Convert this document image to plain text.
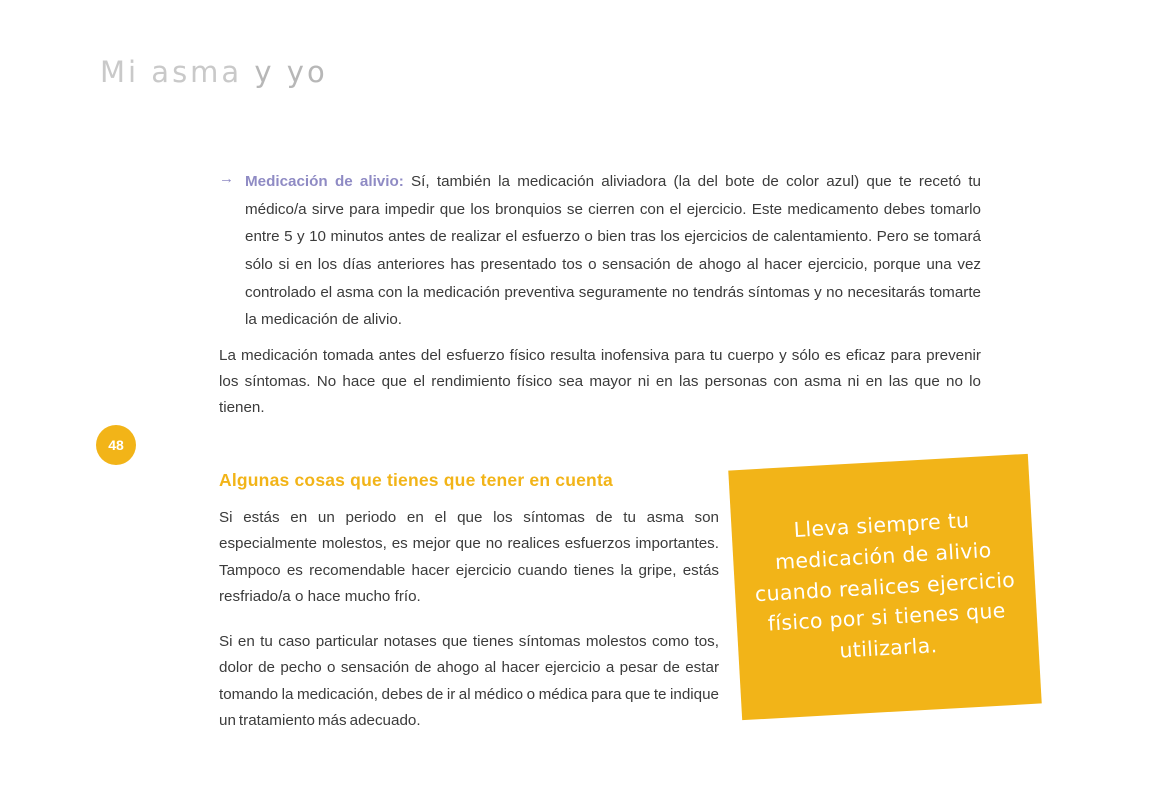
Mi asma y yo
48
→ Medicación de alivio: Sí, también la medicación aliviadora (la del bote de color azul) que te recetó tu médico/a sirve para impedir que los bronquios se cierren con el ejercicio. Este medicamento debes tomarlo entre 5 y 10 minutos antes de realizar el esfuerzo o bien tras los ejercicios de calentamiento. Pero se tomará sólo si en los días anteriores has presentado tos o sensación de ahogo al hacer ejercicio, porque una vez controlado el asma con la medicación preventiva seguramente no tendrás síntomas y no necesitarás tomarte la medicación de alivio.
La medicación tomada antes del esfuerzo físico resulta inofensiva para tu cuerpo y sólo es eficaz para prevenir los síntomas. No hace que el rendimiento físico sea mayor ni en las personas con asma ni en las que no lo tienen.
Algunas cosas que tienes que tener en cuenta

Si estás en un periodo en el que los síntomas de tu asma son especialmente molestos, es mejor que no realices esfuerzos importantes. Tampoco es recomendable hacer ejercicio cuando tienes la gripe, estás resfriado/a o hace mucho frío.

Si en tu caso particular notases que tienes síntomas molestos como tos, dolor de pecho o sensación de ahogo al hacer ejercicio a pesar de estar tomando la medicación, debes de ir al médico o médica para que te indique un tratamiento más adecuado.

Lleva siempre tu medicación de alivio cuando realices ejercicio físico por si tienes que utilizarla.
